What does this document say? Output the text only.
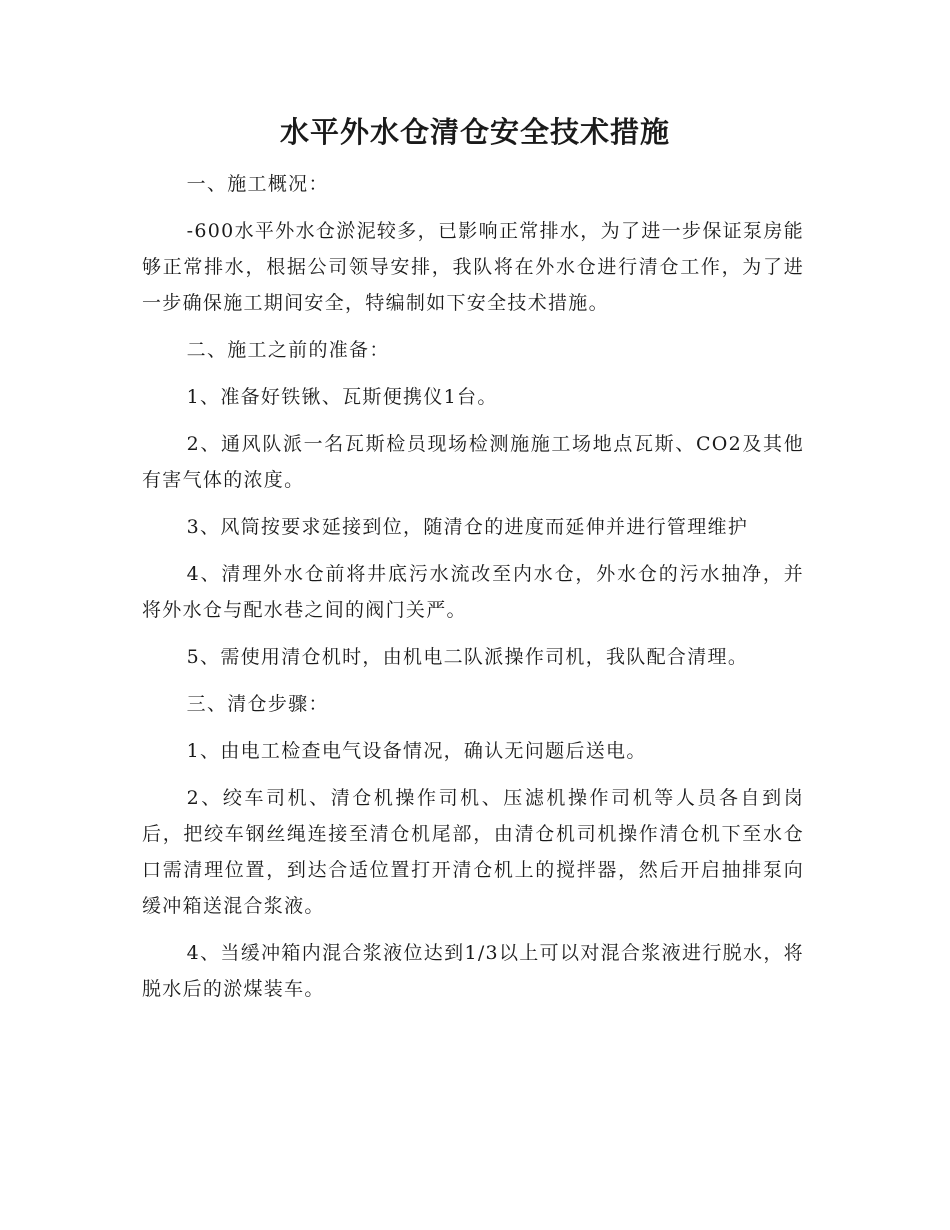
水平外水仓清仓安全技术措施

一、施工概况：

-600水平外水仓淤泥较多，已影响正常排水，为了进一步保证泵房能够正常排水，根据公司领导安排，我队将在外水仓进行清仓工作，为了进一步确保施工期间安全，特编制如下安全技术措施。

二、施工之前的准备：

1、准备好铁锹、瓦斯便携仪1台。

2、通风队派一名瓦斯检员现场检测施施工场地点瓦斯、CO2及其他有害气体的浓度。

3、风筒按要求延接到位，随清仓的进度而延伸并进行管理维护

4、清理外水仓前将井底污水流改至内水仓，外水仓的污水抽净，并将外水仓与配水巷之间的阀门关严。

5、需使用清仓机时，由机电二队派操作司机，我队配合清理。

三、清仓步骤：

1、由电工检查电气设备情况，确认无问题后送电。

2、绞车司机、清仓机操作司机、压滤机操作司机等人员各自到岗后，把绞车钢丝绳连接至清仓机尾部，由清仓机司机操作清仓机下至水仓口需清理位置，到达合适位置打开清仓机上的搅拌器，然后开启抽排泵向缓冲箱送混合浆液。

4、当缓冲箱内混合浆液位达到1/3以上可以对混合浆液进行脱水，将脱水后的淤煤装车。
